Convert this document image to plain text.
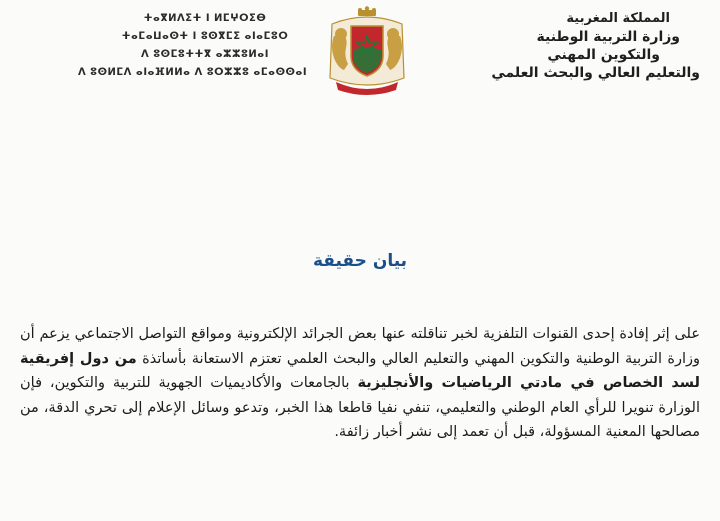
ⵜⴰⴳⵍⴷⵉⵜ ⵏ ⵍⵎⵖⵔⵉⴱ
ⵜⴰⵎⴰⵡⴰⵙⵜ ⵏ ⵓⵙⴳⵎⵉ ⴰⵏⴰⵎⵓⵔ
ⴷ ⵓⵙⵎⵓⵜⵜⴳ ⴰⵣⵣⵓⵍⴰⵏ
ⴷ ⵓⵙⵍⵎⴷ ⴰⵏⴰⴼⵍⵍⴰ ⴷ ⵓⵔⵣⵣⵓ ⴰⵎⴰⵙⵙⴰⵏ
المملكة المغربية
وزارة التربية الوطنية
والتكوين المهني
والتعليم العالي والبحث العلمي
بيان حقيقة
على إثر إفادة إحدى القنوات التلفزية لخبر تناقلته عنها بعض الجرائد الإلكترونية ومواقع التواصل الاجتماعي يزعم أن وزارة التربية الوطنية والتكوين المهني والتعليم العالي والبحث العلمي تعتزم الاستعانة بأساتذة من دول إفريقية لسد الخصاص في مادتي الرياضيات والأنجليزية بالجامعات والأكاديميات الجهوية للتربية والتكوين، فإن الوزارة تنويرا للرأي العام الوطني والتعليمي، تنفي نفيا قاطعا هذا الخبر، وتدعو وسائل الإعلام إلى تحري الدقة، من مصالحها المعنية المسؤولة، قبل أن تعمد إلى نشر أخبار زائفة.
